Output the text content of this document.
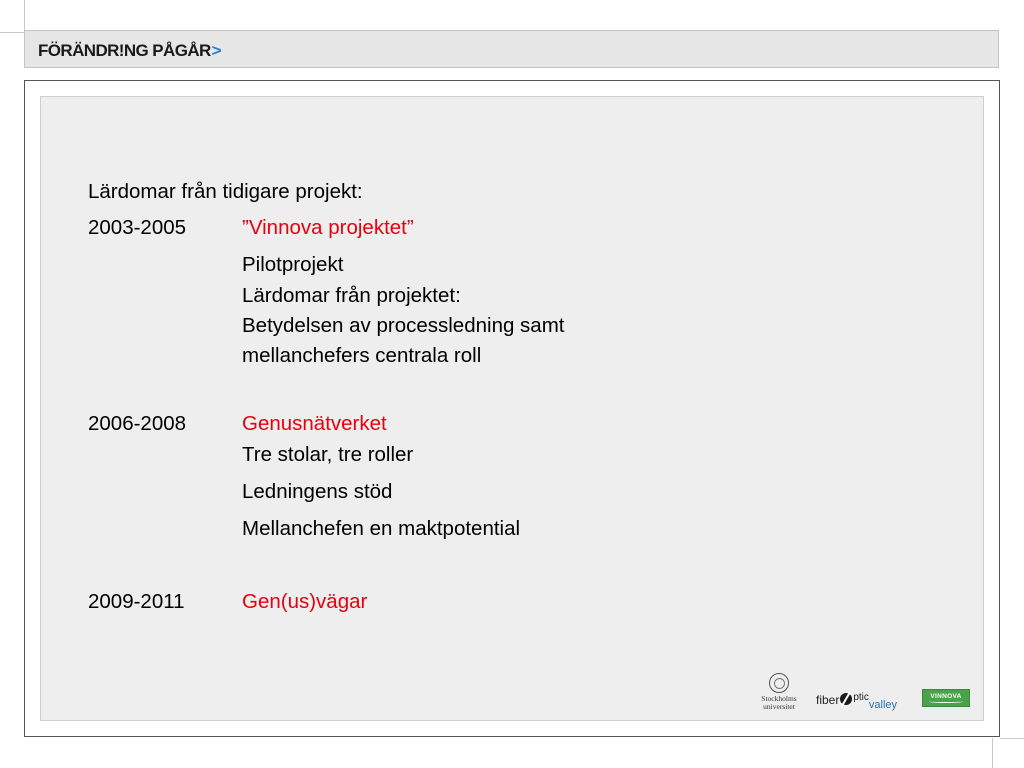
FÖRÄNDR!NG PÅGÅR>
Lärdomar från tidigare projekt:
2003-2005	”Vinnova projektet”
Pilotprojekt
Lärdomar från projektet:
Betydelsen av processledning samt
mellanchefers centrala roll
2006-2008	Genusnätverket
Tre stolar, tre roller
Ledningens stöd
Mellanchefen en maktpotential
2009-2011	Gen(us)vägar
Stockholms
universitet	fiber $^{ptic}_{valley}$
VINNOVA
